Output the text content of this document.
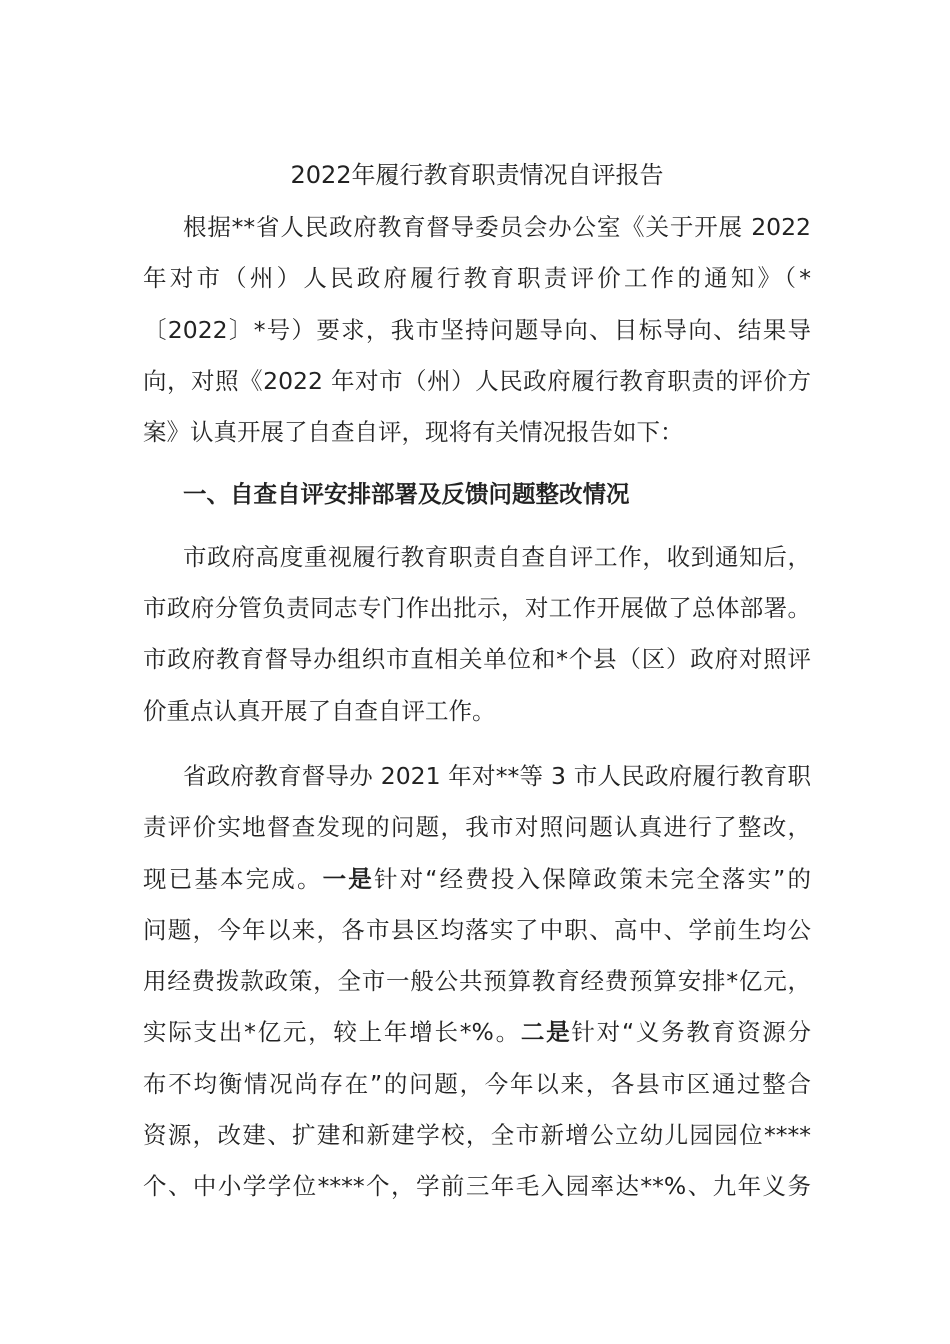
2022年履行教育职责情况自评报告

根据**省人民政府教育督导委员会办公室《关于开展 2022
年对市（州）人民政府履行教育职责评价工作的通知》（*
〔2022〕*号）要求，我市坚持问题导向、目标导向、结果导
向，对照《2022 年对市（州）人民政府履行教育职责的评价方
案》认真开展了自查自评，现将有关情况报告如下：

一、自查自评安排部署及反馈问题整改情况

市政府高度重视履行教育职责自查自评工作，收到通知后，
市政府分管负责同志专门作出批示，对工作开展做了总体部署。
市政府教育督导办组织市直相关单位和*个县（区）政府对照评
价重点认真开展了自查自评工作。

省政府教育督导办 2021 年对**等 3 市人民政府履行教育职
责评价实地督查发现的问题，我市对照问题认真进行了整改，
现已基本完成。一是针对“经费投入保障政策未完全落实”的
问题，今年以来，各市县区均落实了中职、高中、学前生均公
用经费拨款政策，全市一般公共预算教育经费预算安排*亿元，
实际支出*亿元，较上年增长*%。二是针对“义务教育资源分
布不均衡情况尚存在”的问题，今年以来，各县市区通过整合
资源，改建、扩建和新建学校，全市新增公立幼儿园园位****
个、中小学学位****个，学前三年毛入园率达**%、九年义务
